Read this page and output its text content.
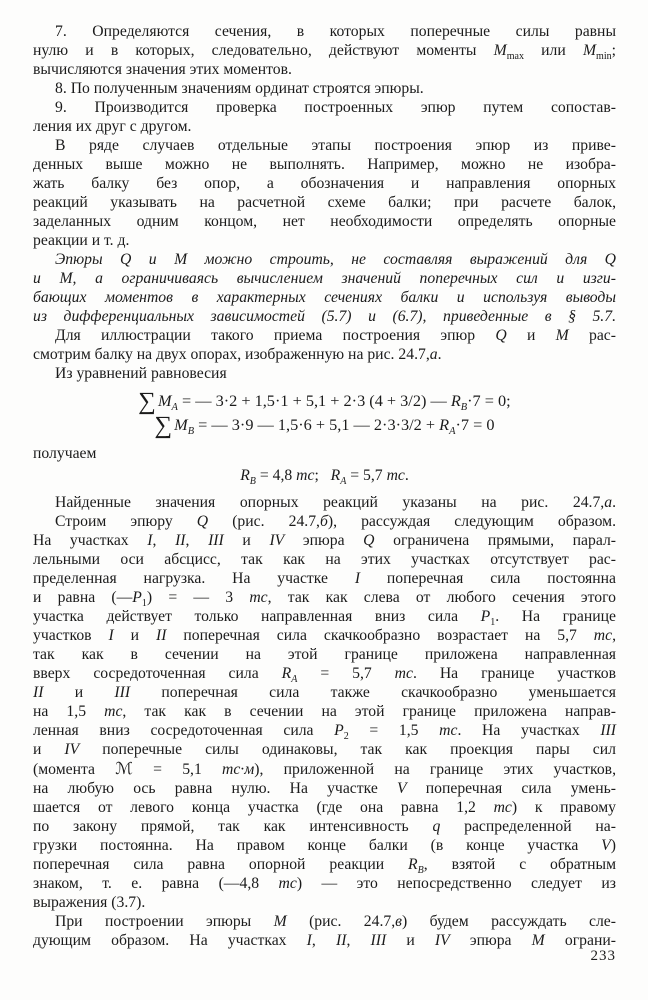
7. Определяются сечения, в которых поперечные силы равны
нулю и в которых, следовательно, действуют моменты $M_{max}$ или $M_{min}$;
вычисляются значения этих моментов.
8. По полученным значениям ординат строятся эпюры.
9. Производится проверка построенных эпюр путем сопостав-
ления их друг с другом.
В ряде случаев отдельные этапы построения эпюр из приве-
денных выше можно не выполнять. Например, можно не изобра-
жать балку без опор, а обозначения и направления опорных
реакций указывать на расчетной схеме балки; при расчете балок,
заделанных одним концом, нет необходимости определять опорные
реакции и т. д.
Эпюры Q и М можно строить, не составляя выражений для Q
и М, а ограничиваясь вычислением значений поперечных сил и изги-
бающих моментов в характерных сечениях балки и используя выводы
из дифференциальных зависимостей (5.7) и (6.7), приведенные в § 5.7.
Для иллюстрации такого приема построения эпюр Q и М рас-
смотрим балку на двух опорах, изображенную на рис. 24.7,а.
Из уравнений равновесия
∑ $M_A$ = — 3·2 + 1,5·1 + 5,1 + 2·3 (4 + 3/2) — $R_B\cdot 7 = 0$;
∑ $M_B$ = — 3·9 — 1,5·6 + 5,1 — $2\cdot 3\cdot 3/2 + R_A\cdot 7 = 0$
получаем
$R_B = 4,8$ тс;   $R_A = 5,7$ тс.
Найденные значения опорных реакций указаны на рис. 24.7,а.
Строим эпюру Q (рис. 24.7,б), рассуждая следующим образом.
На участках I, II, III и IV эпюра Q ограничена прямыми, парал-
лельными оси абсцисс, так как на этих участках отсутствует рас-
пределенная нагрузка. На участке I поперечная сила постоянна
и равна $(—P_1)$ = — 3 тс, так как слева от любого сечения этого
участка действует только направленная вниз сила $P_1$. На границе
участков I и II поперечная сила скачкообразно возрастает на 5,7 тс,
так как в сечении на этой границе приложена направленная
вверх сосредоточенная сила $R_A = 5,7$ тс. На границе участков
II и III поперечная сила также скачкообразно уменьшается
на 1,5 тс, так как в сечении на этой границе приложена направ-
ленная вниз сосредоточенная сила $P_2 = 1,5$ тс. На участках III
и IV поперечные силы одинаковы, так как проекция пары сил
(момента ℳ = 5,1 тс·м), приложенной на границе этих участков,
на любую ось равна нулю. На участке V поперечная сила умень-
шается от левого конца участка (где она равна 1,2 тс) к правому
по закону прямой, так как интенсивность q распределенной на-
грузки постоянна. На правом конце балки (в конце участка V)
поперечная сила равна опорной реакции $R_B$, взятой с обратным
знаком, т. е. равна (—4,8 тс) — это непосредственно следует из
выражения (3.7).
При построении эпюры М (рис. 24.7,в) будем рассуждать сле-
дующим образом. На участках I, II, III и IV эпюра М ограни-
233
